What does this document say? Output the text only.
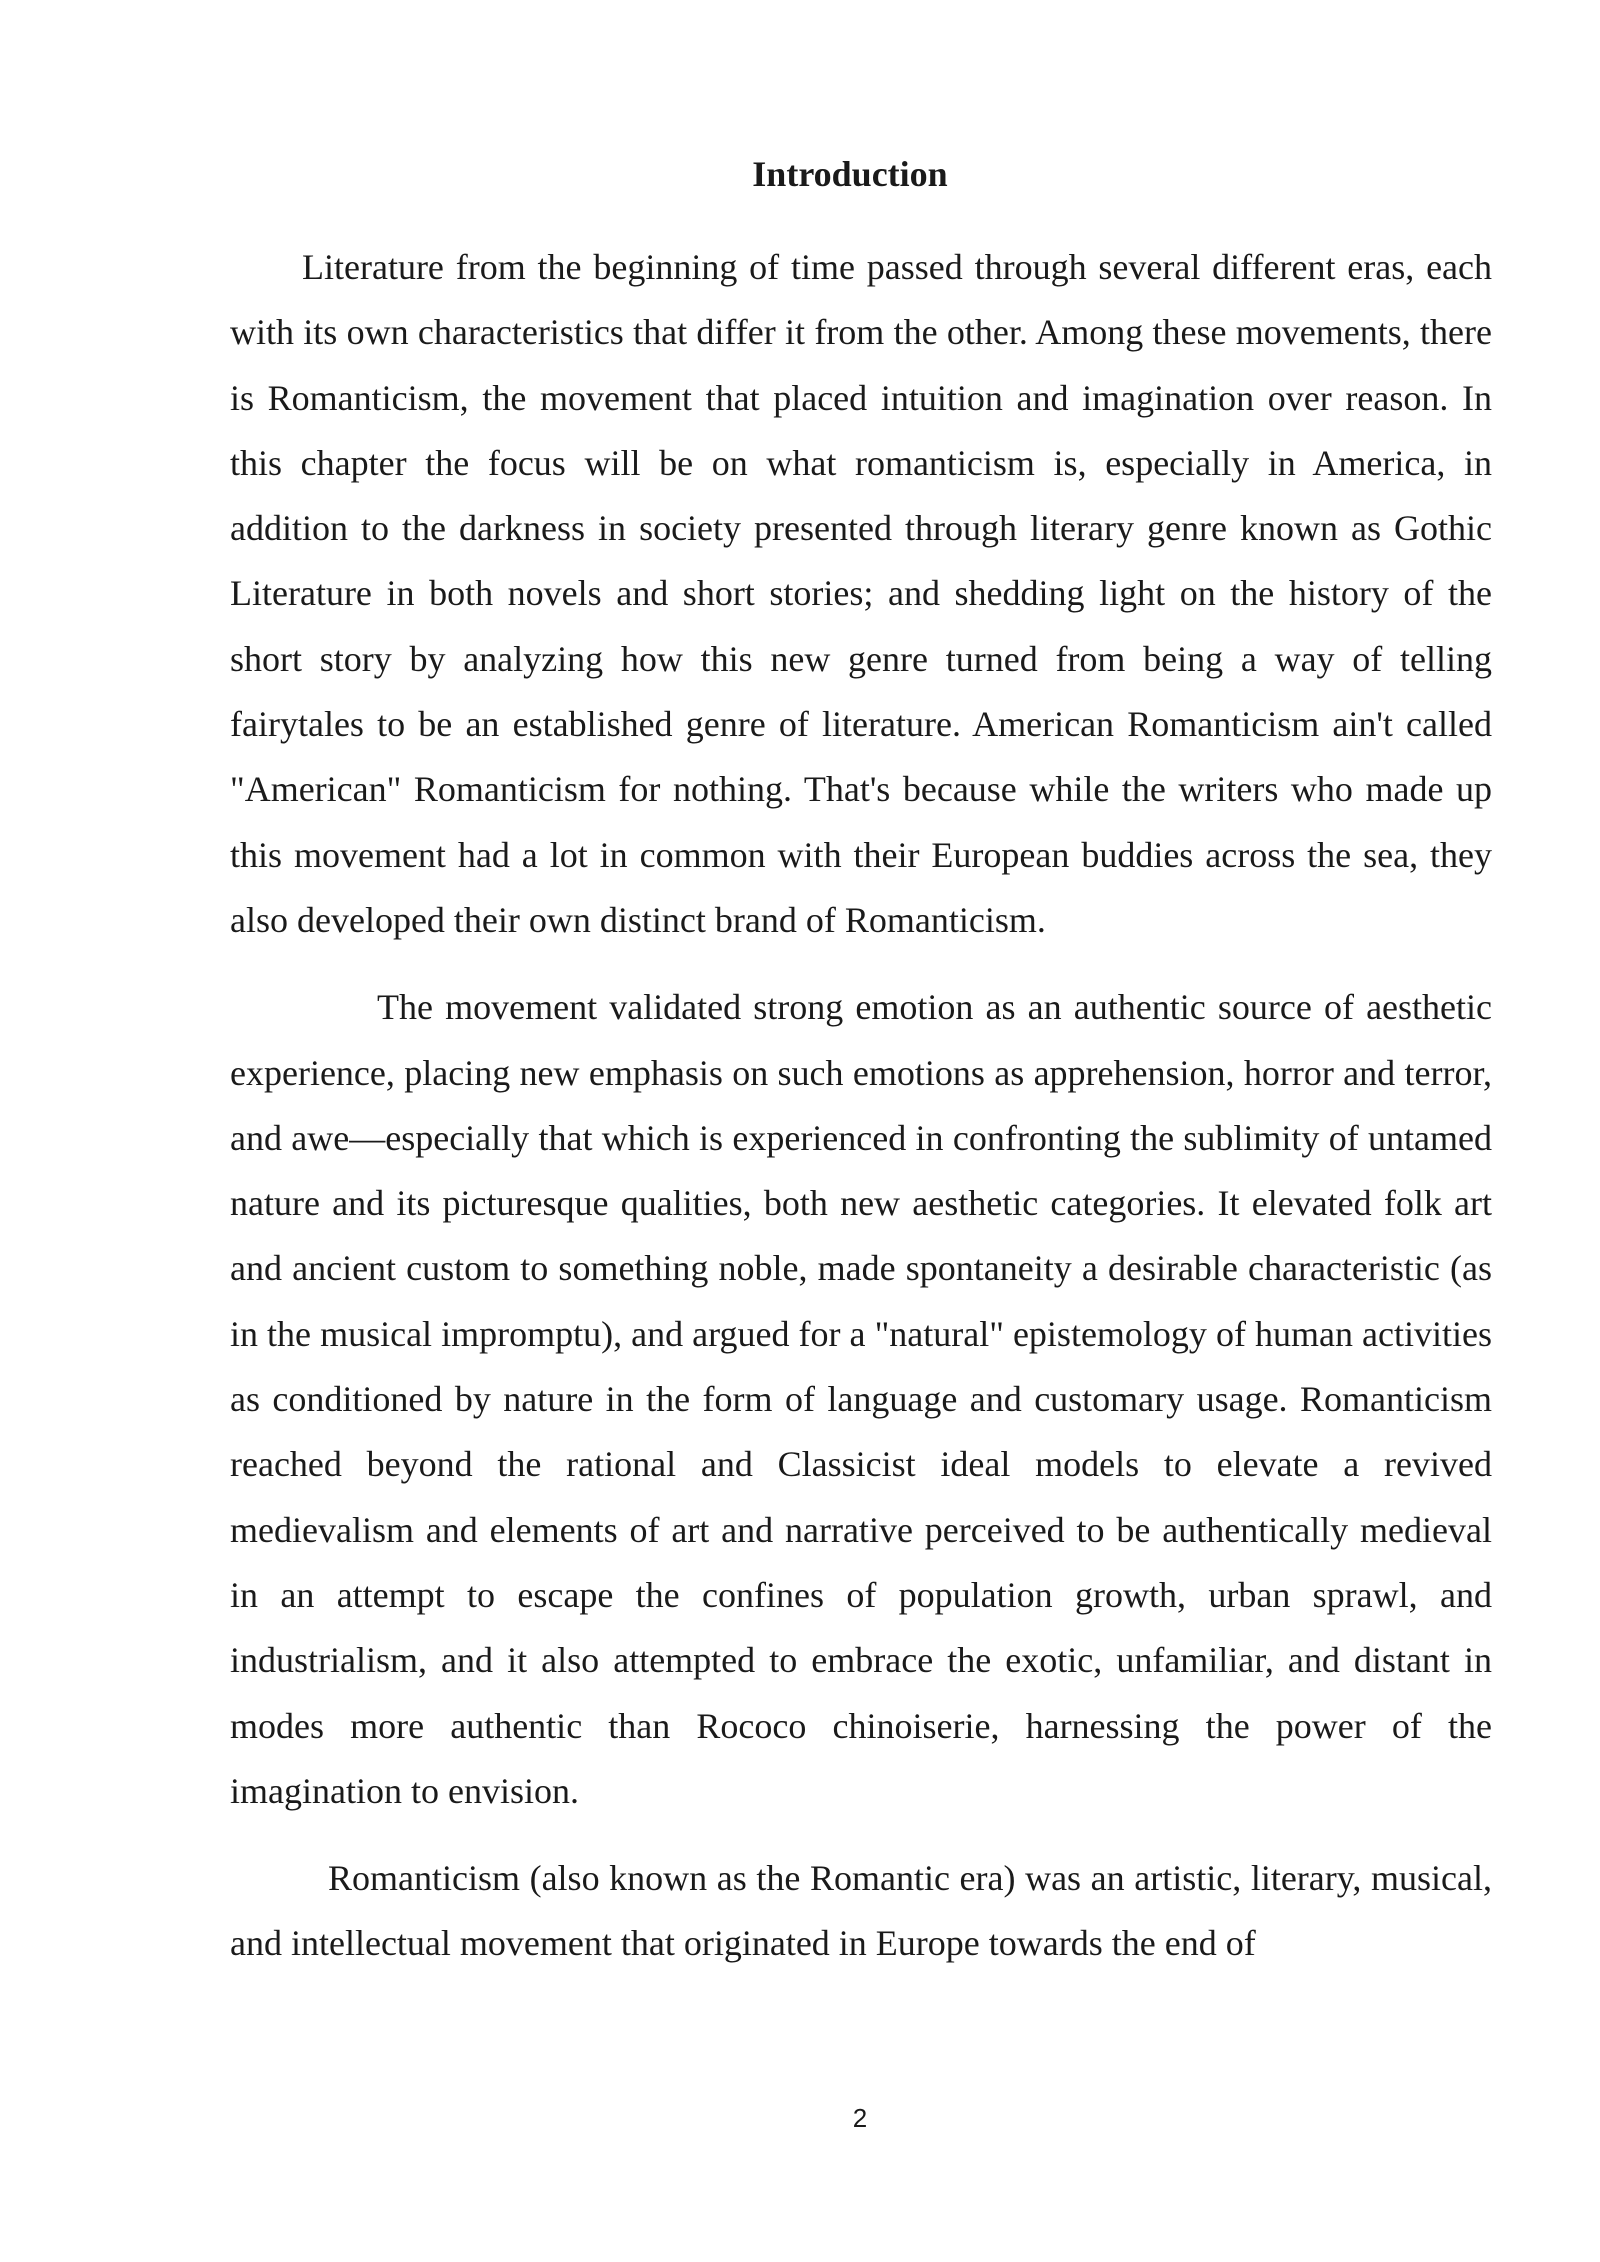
Introduction

Literature from the beginning of time passed through several different eras, each with its own characteristics that differ it from the other. Among these movements, there is Romanticism, the movement that placed intuition and imagination over reason. In this chapter the focus will be on what romanticism is, especially in America, in addition to the darkness in society presented through literary genre known as Gothic Literature in both novels and short stories; and shedding light on the history of the short story by analyzing how this new genre turned from being a way of telling fairytales to be an established genre of literature. American Romanticism ain't called "American" Romanticism for nothing. That's because while the writers who made up this movement had a lot in common with their European buddies across the sea, they also developed their own distinct brand of Romanticism.

The movement validated strong emotion as an authentic source of aesthetic experience, placing new emphasis on such emotions as apprehension, horror and terror, and awe—especially that which is experienced in confronting the sublimity of untamed nature and its picturesque qualities, both new aesthetic categories. It elevated folk art and ancient custom to something noble, made spontaneity a desirable characteristic (as in the musical impromptu), and argued for a "natural" epistemology of human activities as conditioned by nature in the form of language and customary usage. Romanticism reached beyond the rational and Classicist ideal models to elevate a revived medievalism and elements of art and narrative perceived to be authentically medieval in an attempt to escape the confines of population growth, urban sprawl, and industrialism, and it also attempted to embrace the exotic, unfamiliar, and distant in modes more authentic than Rococo chinoiserie, harnessing the power of the imagination to envision.

Romanticism (also known as the Romantic era) was an artistic, literary, musical, and intellectual movement that originated in Europe towards the end of

2
